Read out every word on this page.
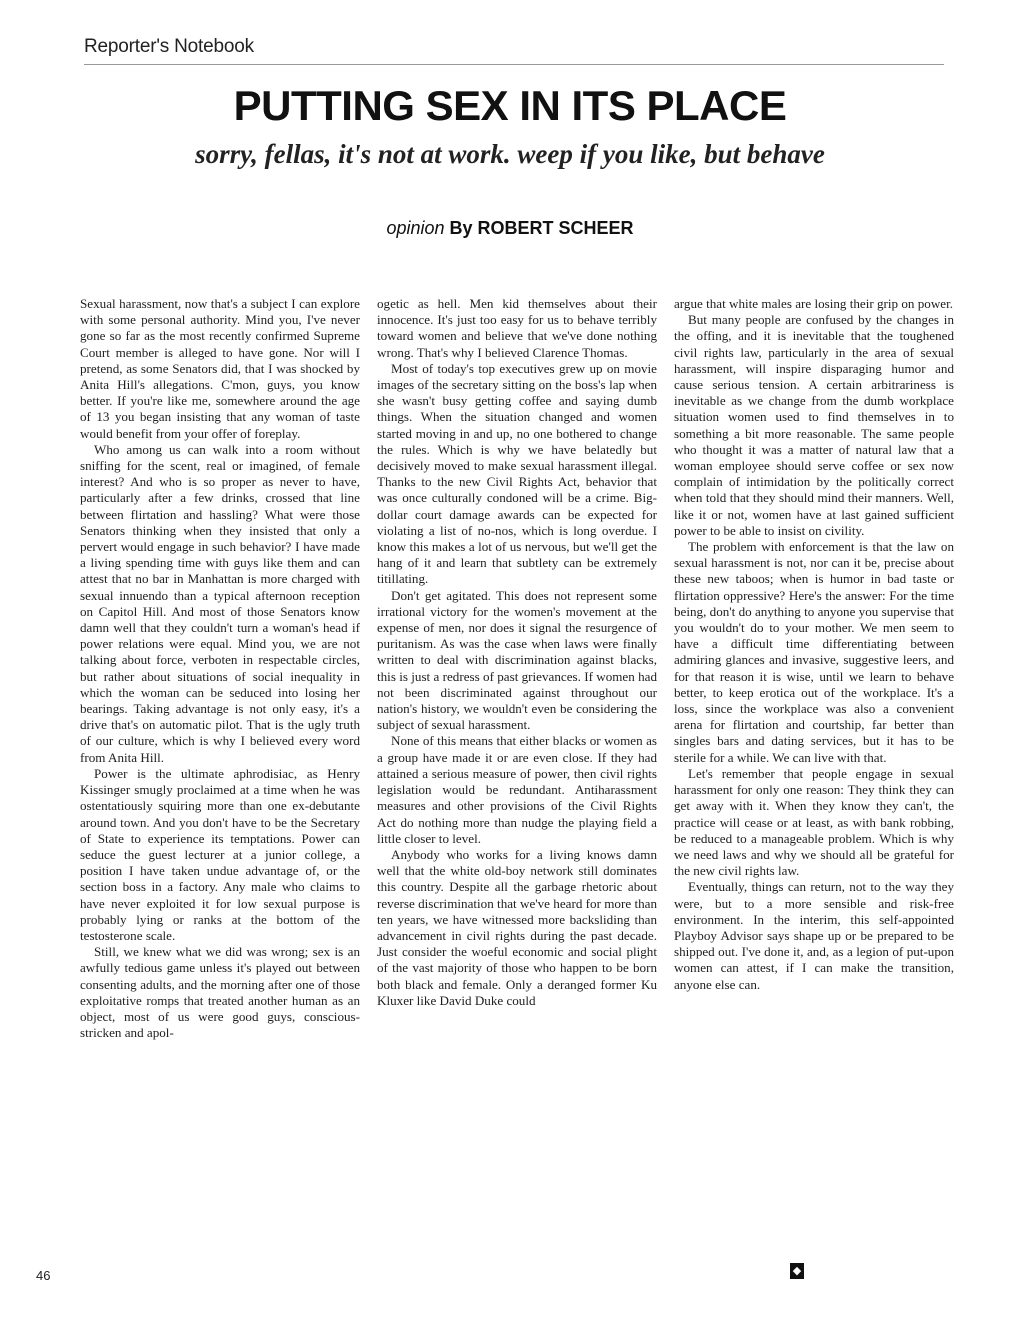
Reporter's Notebook
PUTTING SEX IN ITS PLACE
sorry, fellas, it's not at work. weep if you like, but behave
opinion By ROBERT SCHEER

Sexual harassment, now that's a subject I can explore with some personal authority. Mind you, I've never gone so far as the most recently confirmed Supreme Court member is alleged to have gone. Nor will I pretend, as some Senators did, that I was shocked by Anita Hill's allegations. C'mon, guys, you know better. If you're like me, somewhere around the age of 13 you began insisting that any woman of taste would benefit from your offer of foreplay.

Who among us can walk into a room without sniffing for the scent, real or imagined, of female interest? And who is so proper as never to have, particularly after a few drinks, crossed that line between flirtation and hassling? What were those Senators thinking when they insisted that only a pervert would engage in such behavior? I have made a living spending time with guys like them and can attest that no bar in Manhattan is more charged with sexual innuendo than a typical afternoon reception on Capitol Hill. And most of those Senators know damn well that they couldn't turn a woman's head if power relations were equal. Mind you, we are not talking about force, verboten in respectable circles, but rather about situations of social inequality in which the woman can be seduced into losing her bearings. Taking advantage is not only easy, it's a drive that's on automatic pilot. That is the ugly truth of our culture, which is why I believed every word from Anita Hill.

Power is the ultimate aphrodisiac, as Henry Kissinger smugly proclaimed at a time when he was ostentatiously squiring more than one ex-debutante around town. And you don't have to be the Secretary of State to experience its temptations. Power can seduce the guest lecturer at a junior college, a position I have taken undue advantage of, or the section boss in a factory. Any male who claims to have never exploited it for low sexual purpose is probably lying or ranks at the bottom of the testosterone scale.

Still, we knew what we did was wrong; sex is an awfully tedious game unless it's played out between consenting adults, and the morning after one of those exploitative romps that treated another human as an object, most of us were good guys, conscious-stricken and apol-

ogetic as hell. Men kid themselves about their innocence. It's just too easy for us to behave terribly toward women and believe that we've done nothing wrong. That's why I believed Clarence Thomas.

Most of today's top executives grew up on movie images of the secretary sitting on the boss's lap when she wasn't busy getting coffee and saying dumb things. When the situation changed and women started moving in and up, no one bothered to change the rules. Which is why we have belatedly but decisively moved to make sexual harassment illegal. Thanks to the new Civil Rights Act, behavior that was once culturally condoned will be a crime. Big-dollar court damage awards can be expected for violating a list of no-nos, which is long overdue. I know this makes a lot of us nervous, but we'll get the hang of it and learn that subtlety can be extremely titillating.

Don't get agitated. This does not represent some irrational victory for the women's movement at the expense of men, nor does it signal the resurgence of puritanism. As was the case when laws were finally written to deal with discrimination against blacks, this is just a redress of past grievances. If women had not been discriminated against throughout our nation's history, we wouldn't even be considering the subject of sexual harassment.

None of this means that either blacks or women as a group have made it or are even close. If they had attained a serious measure of power, then civil rights legislation would be redundant. Antiharassment measures and other provisions of the Civil Rights Act do nothing more than nudge the playing field a little closer to level.

Anybody who works for a living knows damn well that the white old-boy network still dominates this country. Despite all the garbage rhetoric about reverse discrimination that we've heard for more than ten years, we have witnessed more backsliding than advancement in civil rights during the past decade. Just consider the woeful economic and social plight of the vast majority of those who happen to be born both black and female. Only a deranged former Ku Kluxer like David Duke could

argue that white males are losing their grip on power.

But many people are confused by the changes in the offing, and it is inevitable that the toughened civil rights law, particularly in the area of sexual harassment, will inspire disparaging humor and cause serious tension. A certain arbitrariness is inevitable as we change from the dumb workplace situation women used to find themselves in to something a bit more reasonable. The same people who thought it was a matter of natural law that a woman employee should serve coffee or sex now complain of intimidation by the politically correct when told that they should mind their manners. Well, like it or not, women have at last gained sufficient power to be able to insist on civility.

The problem with enforcement is that the law on sexual harassment is not, nor can it be, precise about these new taboos; when is humor in bad taste or flirtation oppressive? Here's the answer: For the time being, don't do anything to anyone you supervise that you wouldn't do to your mother. We men seem to have a difficult time differentiating between admiring glances and invasive, suggestive leers, and for that reason it is wise, until we learn to behave better, to keep erotica out of the workplace. It's a loss, since the workplace was also a convenient arena for flirtation and courtship, far better than singles bars and dating services, but it has to be sterile for a while. We can live with that.

Let's remember that people engage in sexual harassment for only one reason: They think they can get away with it. When they know they can't, the practice will cease or at least, as with bank robbing, be reduced to a manageable problem. Which is why we need laws and why we should all be grateful for the new civil rights law.

Eventually, things can return, not to the way they were, but to a more sensible and risk-free environment. In the interim, this self-appointed Playboy Advisor says shape up or be prepared to be shipped out. I've done it, and, as a legion of put-upon women can attest, if I can make the transition, anyone else can.

46	◆
